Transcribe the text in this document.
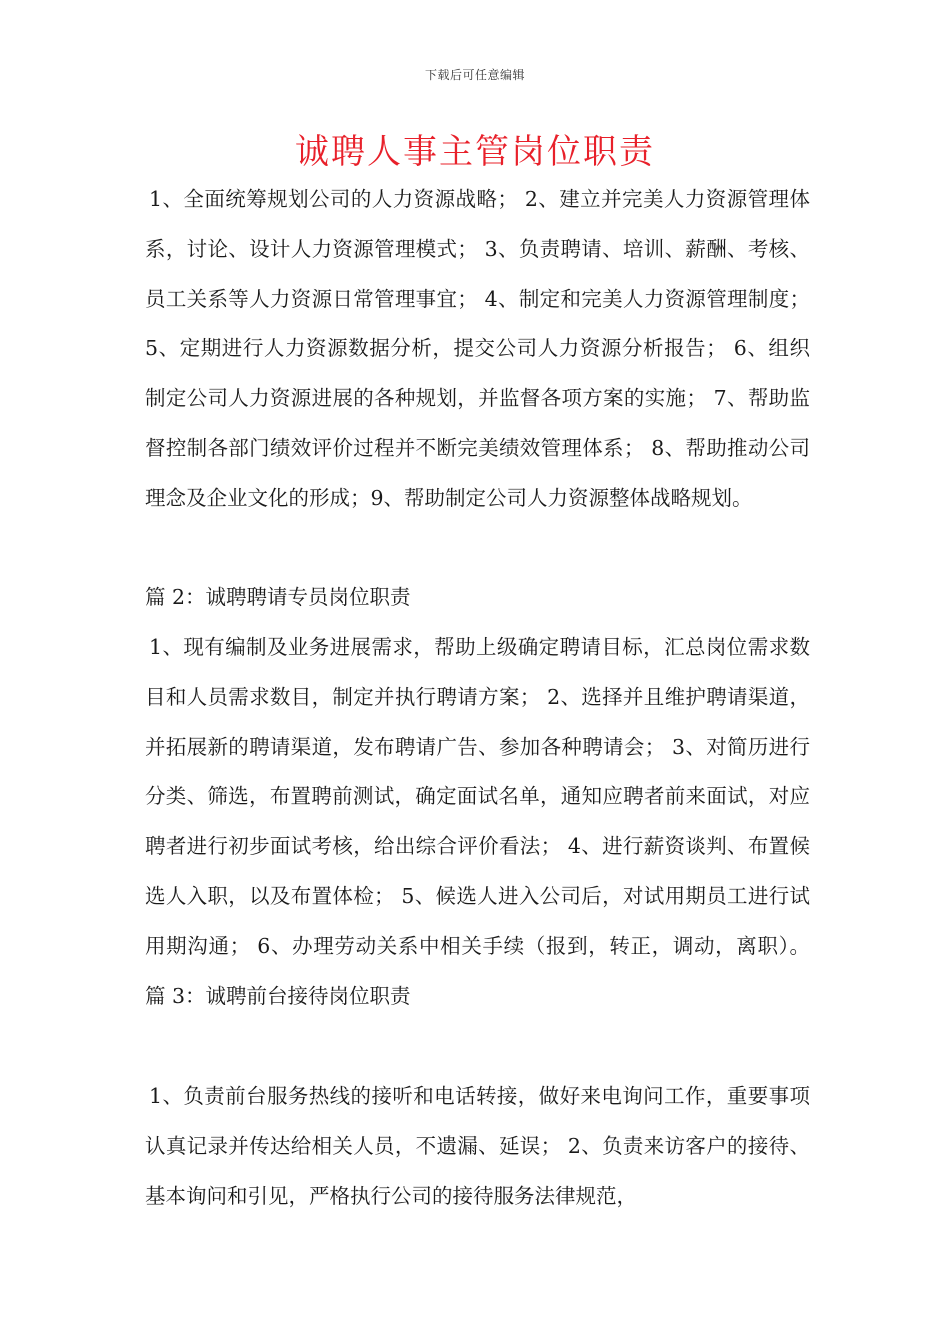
下载后可任意编辑
诚聘人事主管岗位职责

1、全面统筹规划公司的人力资源战略； 2、建立并完美人力资源管理体系，讨论、设计人力资源管理模式； 3、负责聘请、培训、薪酬、考核、员工关系等人力资源日常管理事宜； 4、制定和完美人力资源管理制度； 5、定期进行人力资源数据分析，提交公司人力资源分析报告； 6、组织制定公司人力资源进展的各种规划，并监督各项方案的实施； 7、帮助监督控制各部门绩效评价过程并不断完美绩效管理体系； 8、帮助推动公司理念及企业文化的形成；9、帮助制定公司人力资源整体战略规划。

篇 2：诚聘聘请专员岗位职责

1、现有编制及业务进展需求，帮助上级确定聘请目标，汇总岗位需求数目和人员需求数目，制定并执行聘请方案； 2、选择并且维护聘请渠道，并拓展新的聘请渠道，发布聘请广告、参加各种聘请会； 3、对简历进行分类、筛选，布置聘前测试，确定面试名单，通知应聘者前来面试，对应聘者进行初步面试考核，给出综合评价看法； 4、进行薪资谈判、布置候选人入职，以及布置体检； 5、候选人进入公司后，对试用期员工进行试用期沟通； 6、办理劳动关系中相关手续（报到，转正，调动，离职）。篇 3：诚聘前台接待岗位职责

1、负责前台服务热线的接听和电话转接，做好来电询问工作，重要事项认真记录并传达给相关人员，不遗漏、延误； 2、负责来访客户的接待、基本询问和引见，严格执行公司的接待服务法律规范，
